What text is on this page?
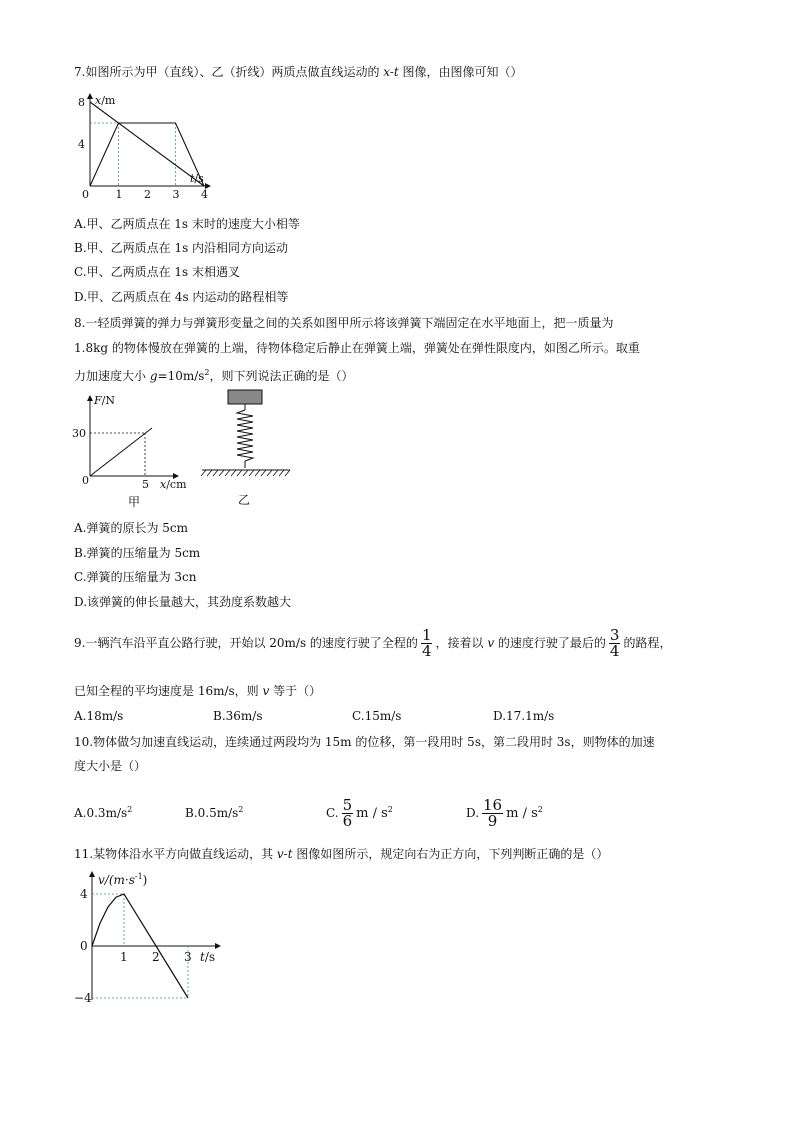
7.如图所示为甲（直线）、乙（折线）两质点做直线运动的 x-t 图像，由图像可知（）
x/m
t/s
0
8
4
1 2 3 4
A.甲、乙两质点在 1s 末时的速度大小相等
B.甲、乙两质点在 1s 内沿相同方向运动
C.甲、乙两质点在 1s 末相遇叉
D.甲、乙两质点在 4s 内运动的路程相等
8.一轻质弹簧的弹力与弹簧形变量之间的关系如图甲所示将该弹簧下端固定在水平地面上，把一质量为
1.8kg 的物体慢放在弹簧的上端，待物体稳定后静止在弹簧上端，弹簧处在弹性限度内，如图乙所示。取重
力加速度大小 $g=10m/s^2$，则下列说法正确的是（）
F/N
x/cm
0
30
5
甲	乙
A.弹簧的原长为 5cm
B.弹簧的压缩量为 5cm
C.弹簧的压缩量为 3cn
D.该弹簧的伸长量越大，其劲度系数越大
9.一辆汽车沿平直公路行驶，开始以 20m/s 的速度行驶了全程的 $\frac{1}{4}$ ，接着以 v 的速度行驶了最后的 $\frac{3}{4}$ 的路程，
已知全程的平均速度是 16m/s，则 v 等于（）
A.18m/s	B.36m/s	C.15m/s	D.17.1m/s
10.物体做匀加速直线运动，连续通过两段均为 15m 的位移，第一段用时 5s，第二段用时 3s，则物体的加速
度大小是（）
$A.0.3m/s^2$	$B.0.5m/s^2$	C. $\frac{5}{6}$ m / $s^2$	D. $\frac{16}{9}$ m / $s^2$
11.某物体沿水平方向做直线运动，其 v-t 图像如图所示，规定向右为正方向，下列判断正确的是（）
$v/(m\cdot s^{-1})$
t/s
4
0
−4
1 2 3
